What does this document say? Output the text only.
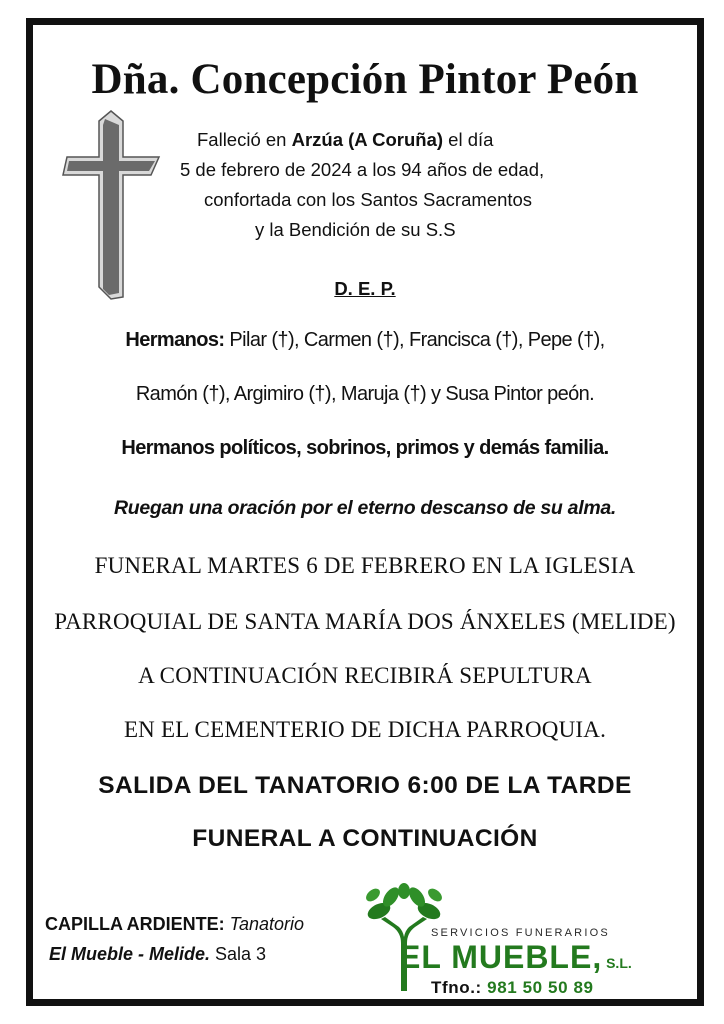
Dña. Concepción Pintor Peón
Falleció en Arzúa (A Coruña) el día
5 de febrero de 2024 a los 94 años de edad,
confortada con los Santos Sacramentos
y la Bendición de su S.S
D. E. P.
Hermanos: Pilar (†), Carmen (†), Francisca (†), Pepe (†),
Ramón (†), Argimiro (†), Maruja (†) y Susa Pintor peón.
Hermanos políticos, sobrinos, primos y demás familia.
Ruegan una oración por el eterno descanso de su alma.
FUNERAL MARTES 6 DE FEBRERO EN LA IGLESIA
PARROQUIAL DE SANTA MARÍA DOS ÁNXELES (MELIDE)
A CONTINUACIÓN RECIBIRÁ SEPULTURA
EN EL CEMENTERIO DE DICHA PARROQUIA.
SALIDA DEL TANATORIO 6:00 DE LA TARDE
FUNERAL A CONTINUACIÓN
CAPILLA ARDIENTE: Tanatorio
El Mueble - Melide. Sala 3
SERVICIOS FUNERARIOS
EL MUEBLE, S.L.
Tfno.: 981 50 50 89
